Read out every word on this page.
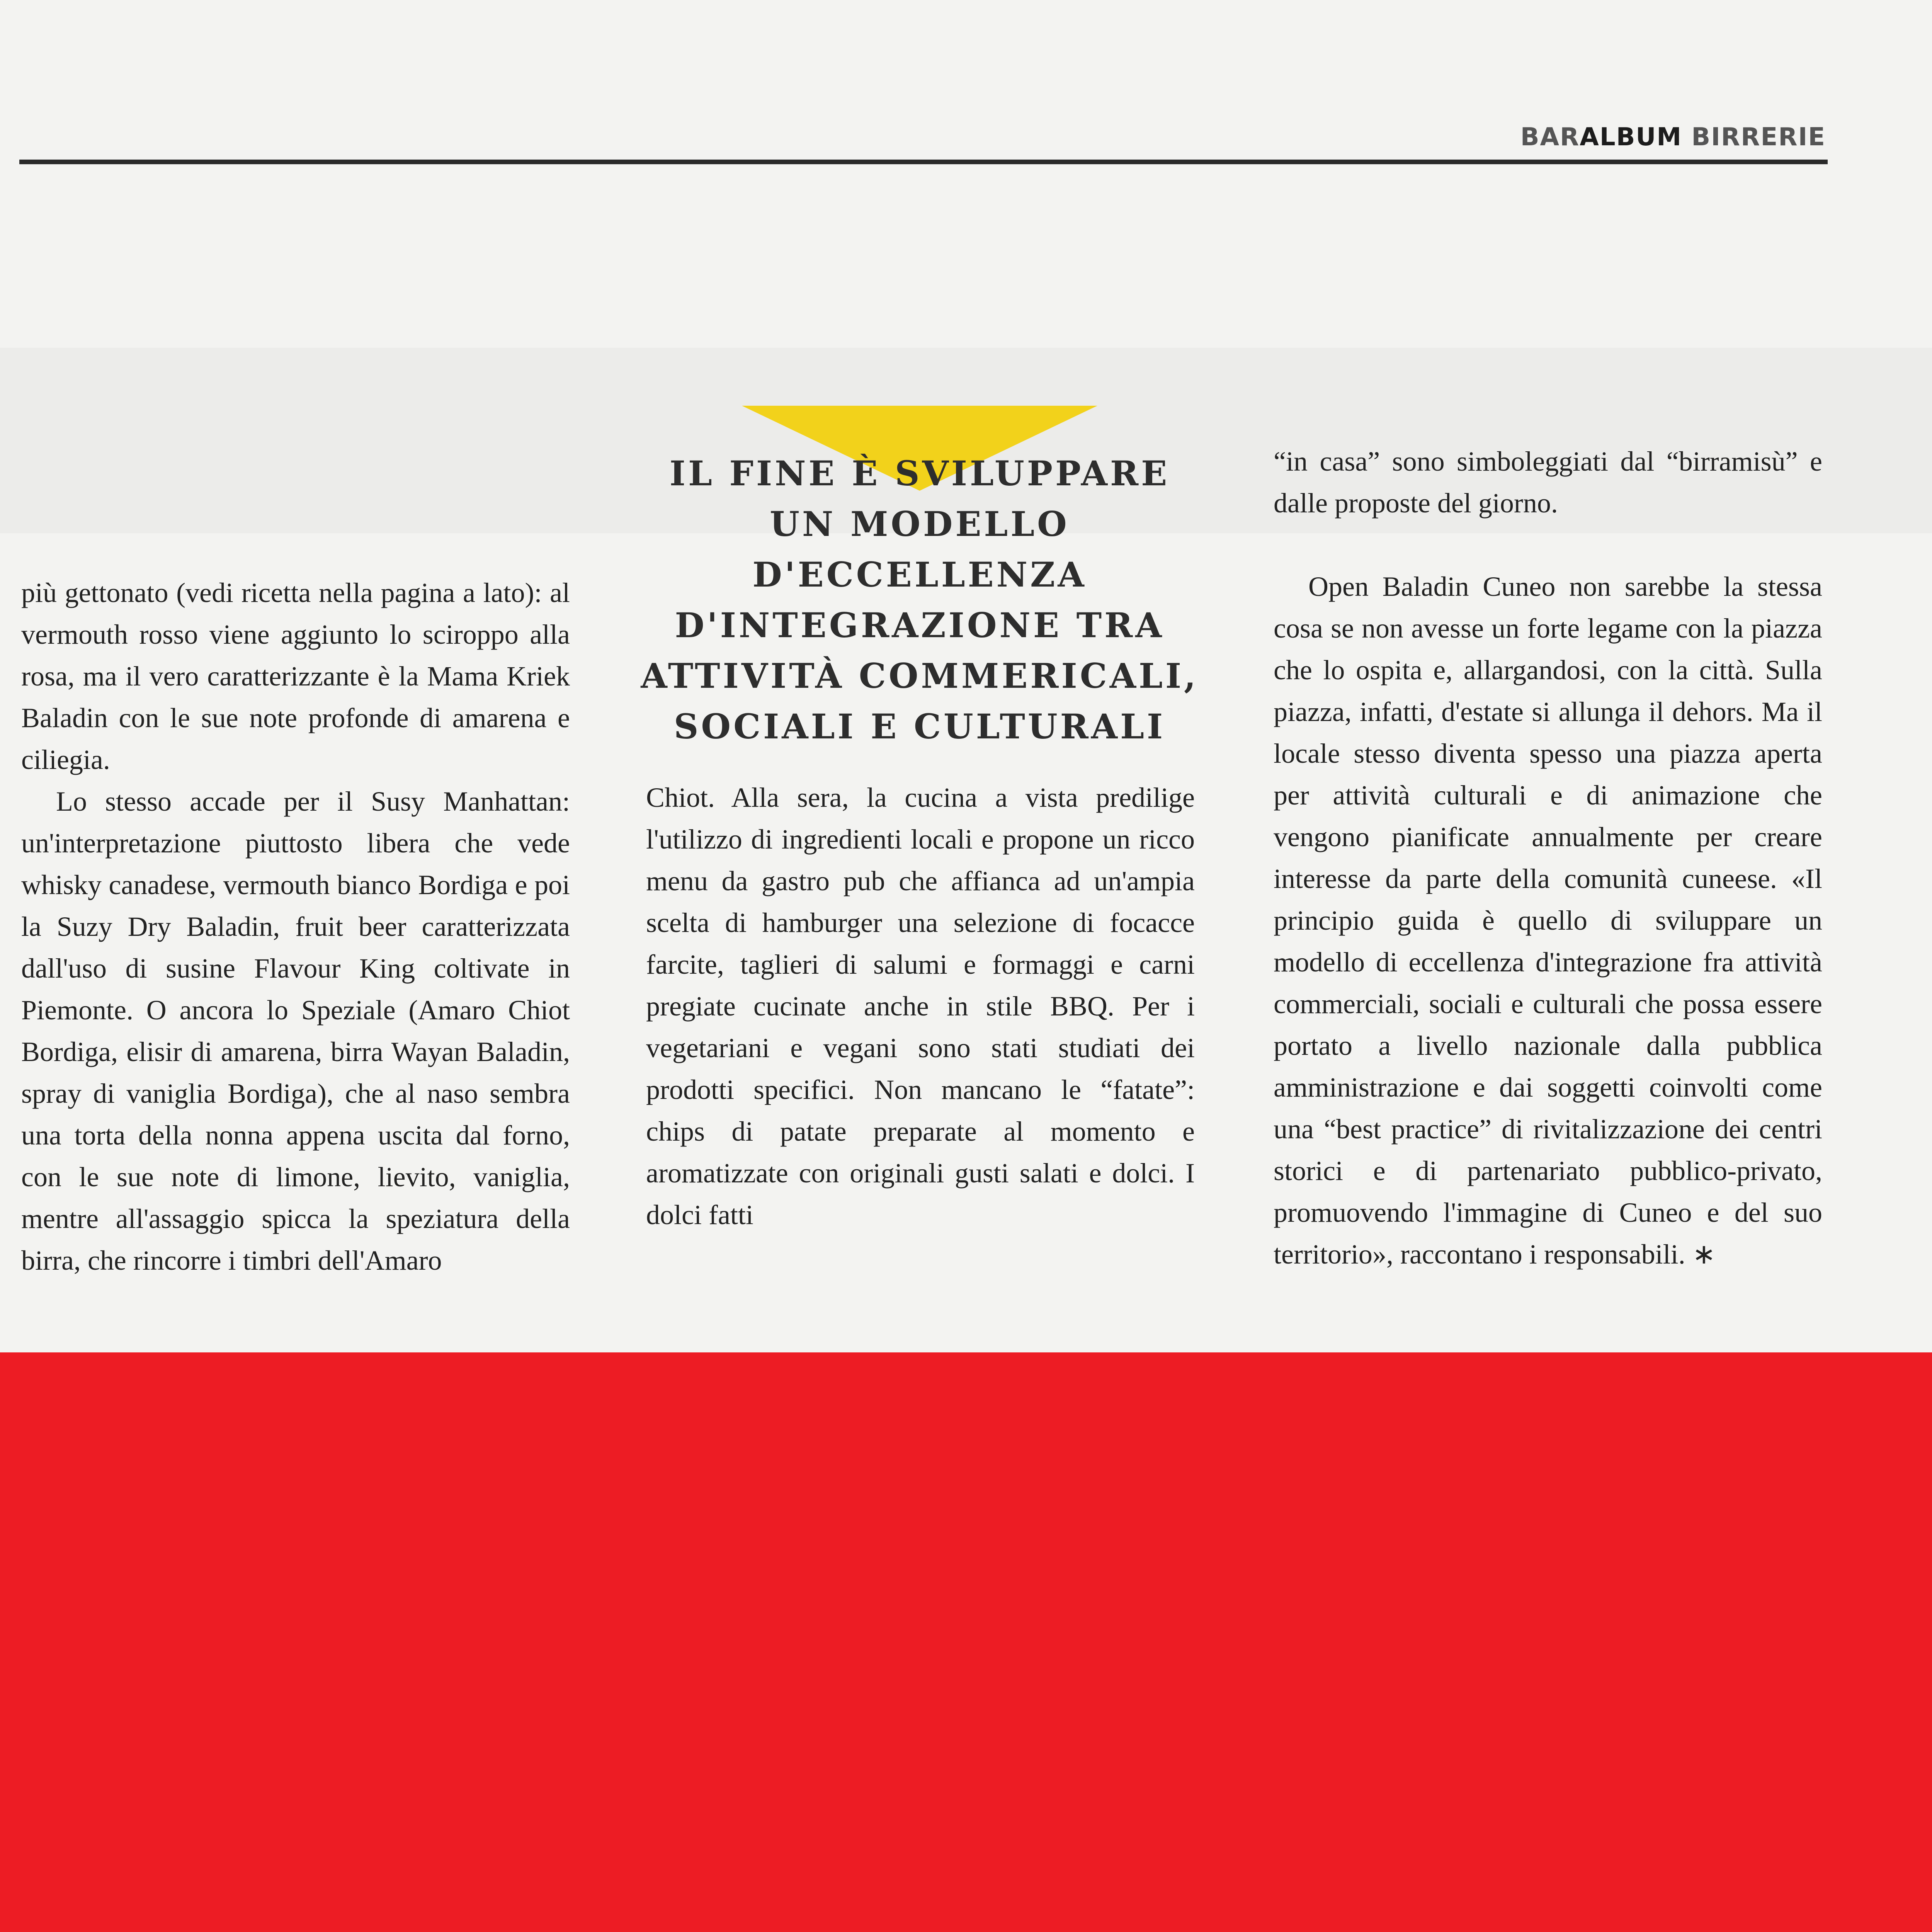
BARALBUM BIRRERIE

più gettonato (vedi ricetta nella pagina a lato): al vermouth rosso viene aggiunto lo sciroppo alla rosa, ma il vero caratterizzante è la Mama Kriek Baladin con le sue note profonde di amarena e ciliegia.

Lo stesso accade per il Susy Manhattan: un'interpretazione piuttosto libera che vede whisky canadese, vermouth bianco Bordiga e poi la Suzy Dry Baladin, fruit beer caratterizzata dall'uso di susine Flavour King coltivate in Piemonte. O ancora lo Speziale (Amaro Chiot Bordiga, elisir di amarena, birra Wayan Baladin, spray di vaniglia Bordiga), che al naso sembra una torta della nonna appena uscita dal forno, con le sue note di limone, lievito, vaniglia, mentre all'assaggio spicca la speziatura della birra, che rincorre i timbri dell'Amaro

IL FINE È SVILUPPARE
UN MODELLO D'ECCELLENZA
D'INTEGRAZIONE TRA
ATTIVITÀ COMMERICALI,
SOCIALI E CULTURALI

Chiot. Alla sera, la cucina a vista predilige l'utilizzo di ingredienti locali e propone un ricco menu da gastro pub che affianca ad un'ampia scelta di hamburger una selezione di focacce farcite, taglieri di salumi e formaggi e carni pregiate cucinate anche in stile BBQ. Per i vegetariani e vegani sono stati studiati dei prodotti specifici. Non mancano le “fatate”: chips di patate preparate al momento e aromatizzate con originali gusti salati e dolci. I dolci fatti

“in casa” sono simboleggiati dal “birramisù” e dalle proposte del giorno.

Open Baladin Cuneo non sarebbe la stessa cosa se non avesse un forte legame con la piazza che lo ospita e, allargandosi, con la città. Sulla piazza, infatti, d'estate si allunga il dehors. Ma il locale stesso diventa spesso una piazza aperta per attività culturali e di animazione che vengono pianificate annualmente per creare interesse da parte della comunità cuneese. «Il principio guida è quello di sviluppare un modello di eccellenza d'integrazione fra attività commerciali, sociali e culturali che possa essere portato a livello nazionale dalla pubblica amministrazione e dai soggetti coinvolti come una “best practice” di rivitalizzazione dei centri storici e di partenariato pubblico-privato, promuovendo l'immagine di Cuneo e del suo territorio», raccontano i responsabili. ∗
